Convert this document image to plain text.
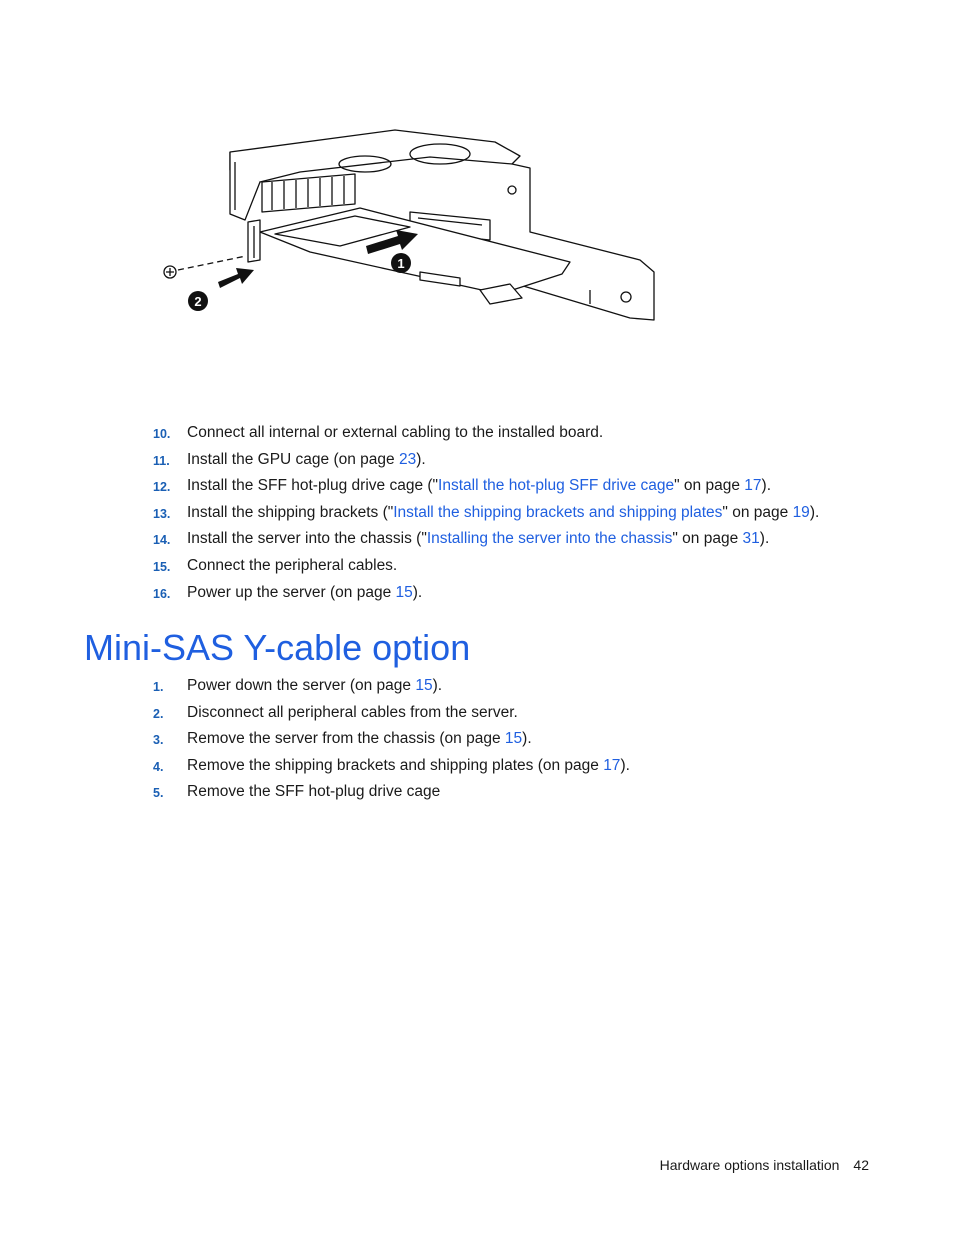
1
2
10. Connect all internal or external cabling to the installed board.
11. Install the GPU cage (on page 23).
12. Install the SFF hot-plug drive cage ("Install the hot-plug SFF drive cage" on page 17).
13. Install the shipping brackets ("Install the shipping brackets and shipping plates" on page 19).
14. Install the server into the chassis ("Installing the server into the chassis" on page 31).
15. Connect the peripheral cables.
16. Power up the server (on page 15).
Mini-SAS Y-cable option
1. Power down the server (on page 15).
2. Disconnect all peripheral cables from the server.
3. Remove the server from the chassis (on page 15).
4. Remove the shipping brackets and shipping plates (on page 17).
5. Remove the SFF hot-plug drive cage
Hardware options installation 42
